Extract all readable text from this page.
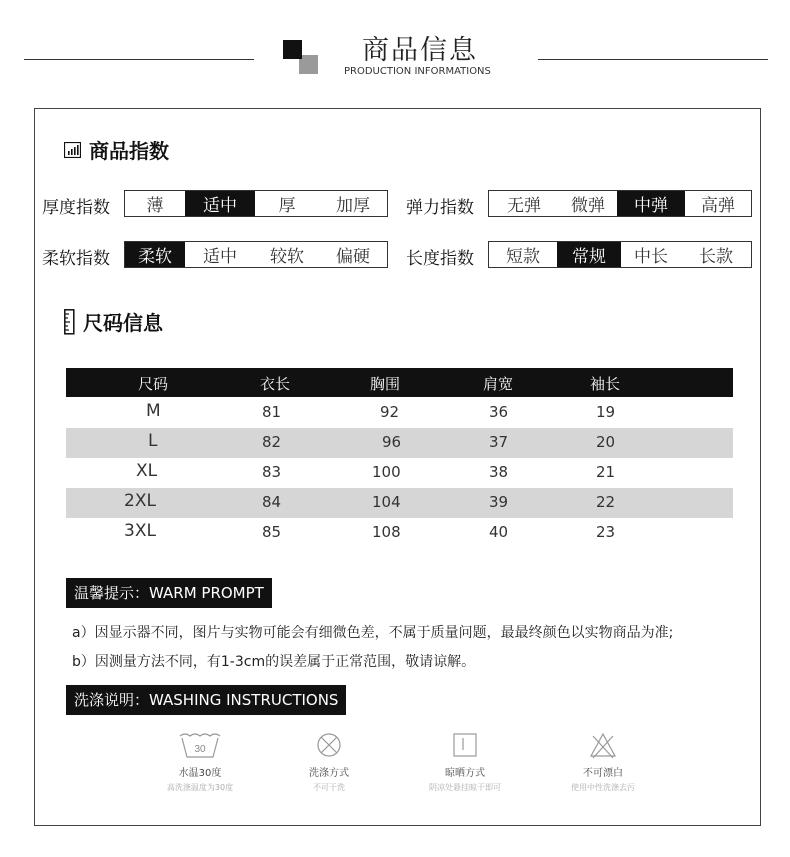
商品信息
PRODUCTION INFORMATIONS
商品指数
厚度指数	薄	适中	厚	加厚	弹力指数	无弹	微弹	中弹	高弹
柔软指数	柔软	适中	较软	偏硬	长度指数	短款	常规	中长	长款
尺码信息
尺码	衣长	胸围	肩宽	袖长
M	81	92	36	19
L	82	96	37	20
XL	83	100	38	21
2XL	84	104	39	22
3XL	85	108	40	23
温馨提示：WARM PROMPT
a）因显示器不同，图片与实物可能会有细微色差，不属于质量问题，最最终颜色以实物商品为准;
b）因测量方法不同，有1-3cm的误差属于正常范围，敬请谅解。
洗涤说明：WASHING INSTRUCTIONS
30
水温30度
高洗涤温度为30度
洗涤方式
不可干洗
晾晒方式
阴凉处悬挂晾干即可
不可漂白
使用中性洗涤去污
